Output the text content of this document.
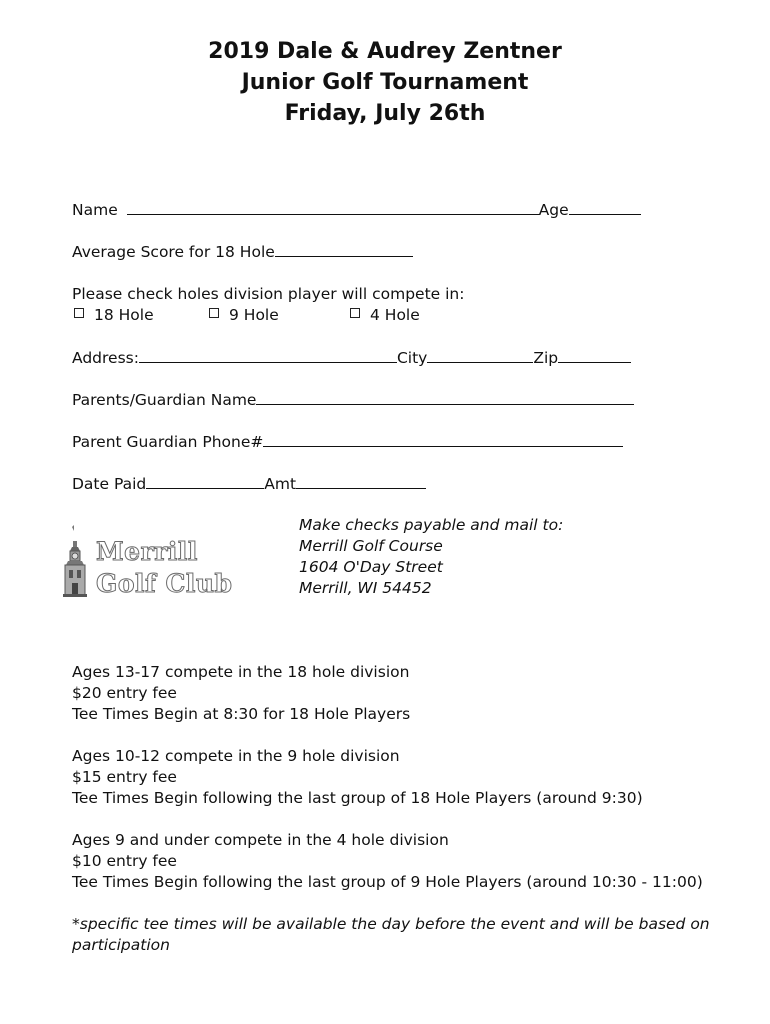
2019 Dale & Audrey Zentner
Junior Golf Tournament
Friday, July 26th
Name	Age
Average Score for 18 Hole
Please check holes division player will compete in:
18 Hole	9 Hole	4 Hole
Address:	City	Zip
Parents/Guardian Name
Parent Guardian Phone#
Date Paid	Amt
Merrill
Golf Club
Make checks payable and mail to:
Merrill Golf Course
1604 O'Day Street
Merrill, WI 54452
Ages 13-17 compete in the 18 hole division
$20 entry fee
Tee Times Begin at 8:30 for 18 Hole Players
Ages 10-12 compete in the 9 hole division
$15 entry fee
Tee Times Begin following the last group of 18 Hole Players (around 9:30)
Ages 9 and under compete in the 4 hole division
$10 entry fee
Tee Times Begin following the last group of 9 Hole Players (around 10:30 - 11:00)
*specific tee times will be available the day before the event and will be based on participation
